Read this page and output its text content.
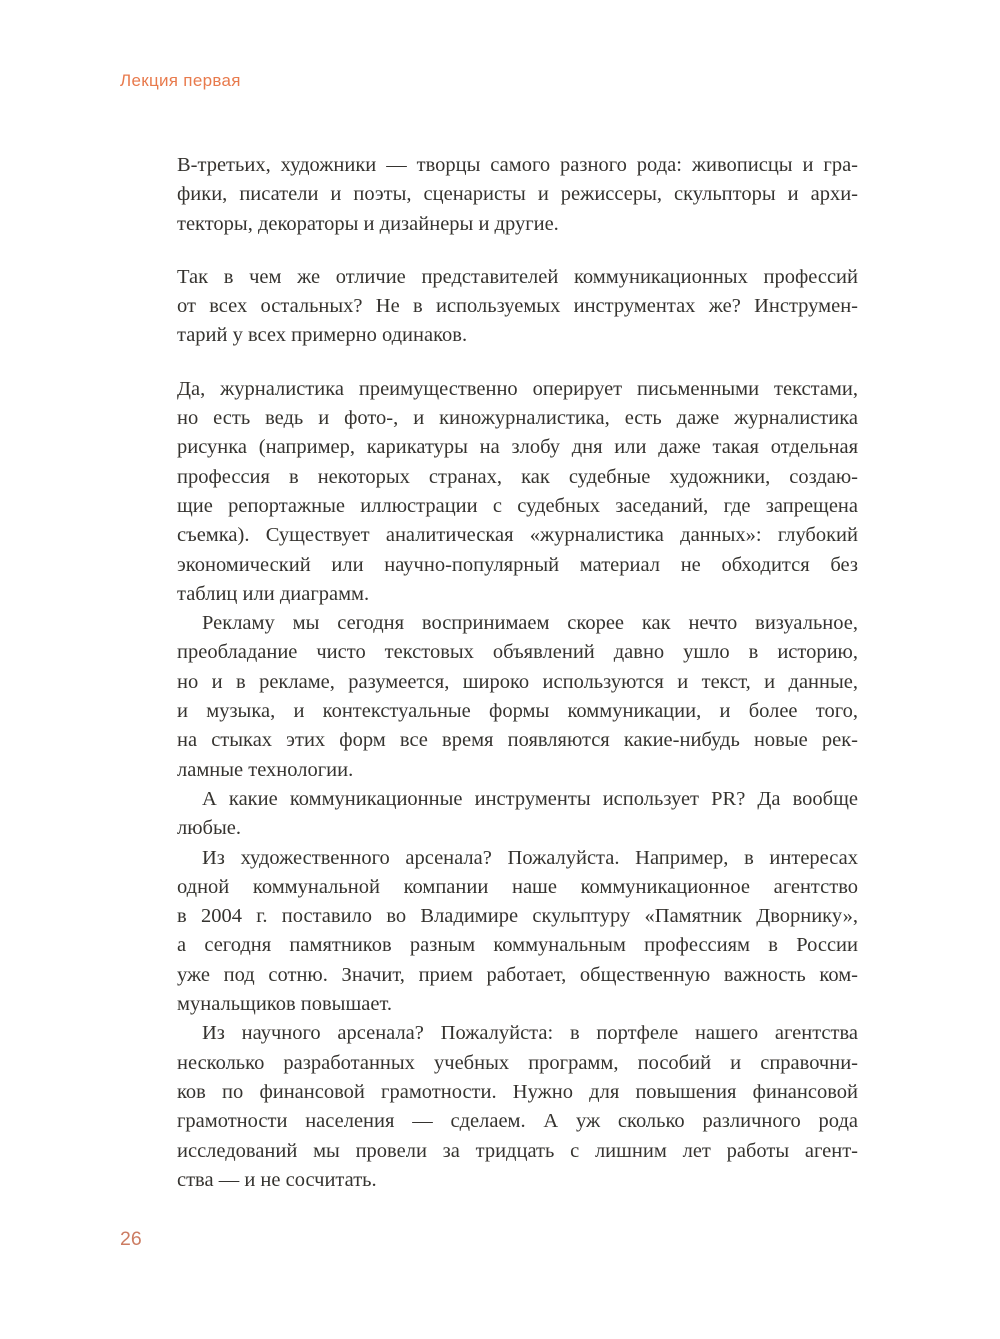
Лекция первая
В-третьих, художники — творцы самого разного рода: живописцы и гра-
фики, писатели и поэты, сценаристы и режиссеры, скульпторы и архи-
текторы, декораторы и дизайнеры и другие.
Так в чем же отличие представителей коммуникационных профессий
от всех остальных? Не в используемых инструментах же? Инструмен-
тарий у всех примерно одинаков.
Да, журналистика преимущественно оперирует письменными текстами,
но есть ведь и фото-, и киножурналистика, есть даже журналистика
рисунка (например, карикатуры на злобу дня или даже такая отдельная
профессия в некоторых странах, как судебные художники, создаю-
щие репортажные иллюстрации с судебных заседаний, где запрещена
съемка). Существует аналитическая «журналистика данных»: глубокий
экономический или научно-популярный материал не обходится без
таблиц или диаграмм.
Рекламу мы сегодня воспринимаем скорее как нечто визуальное,
преобладание чисто текстовых объявлений давно ушло в историю,
но и в рекламе, разумеется, широко используются и текст, и данные,
и музыка, и контекстуальные формы коммуникации, и более того,
на стыках этих форм все время появляются какие-нибудь новые рек-
ламные технологии.
А какие коммуникационные инструменты использует PR? Да вообще
любые.
Из художественного арсенала? Пожалуйста. Например, в интересах
одной коммунальной компании наше коммуникационное агентство
в 2004 г. поставило во Владимире скульптуру «Памятник Дворнику»,
а сегодня памятников разным коммунальным профессиям в России
уже под сотню. Значит, прием работает, общественную важность ком-
мунальщиков повышает.
Из научного арсенала? Пожалуйста: в портфеле нашего агентства
несколько разработанных учебных программ, пособий и справочни-
ков по финансовой грамотности. Нужно для повышения финансовой
грамотности населения — сделаем. А уж сколько различного рода
исследований мы провели за тридцать с лишним лет работы агент-
ства — и не сосчитать.
26
